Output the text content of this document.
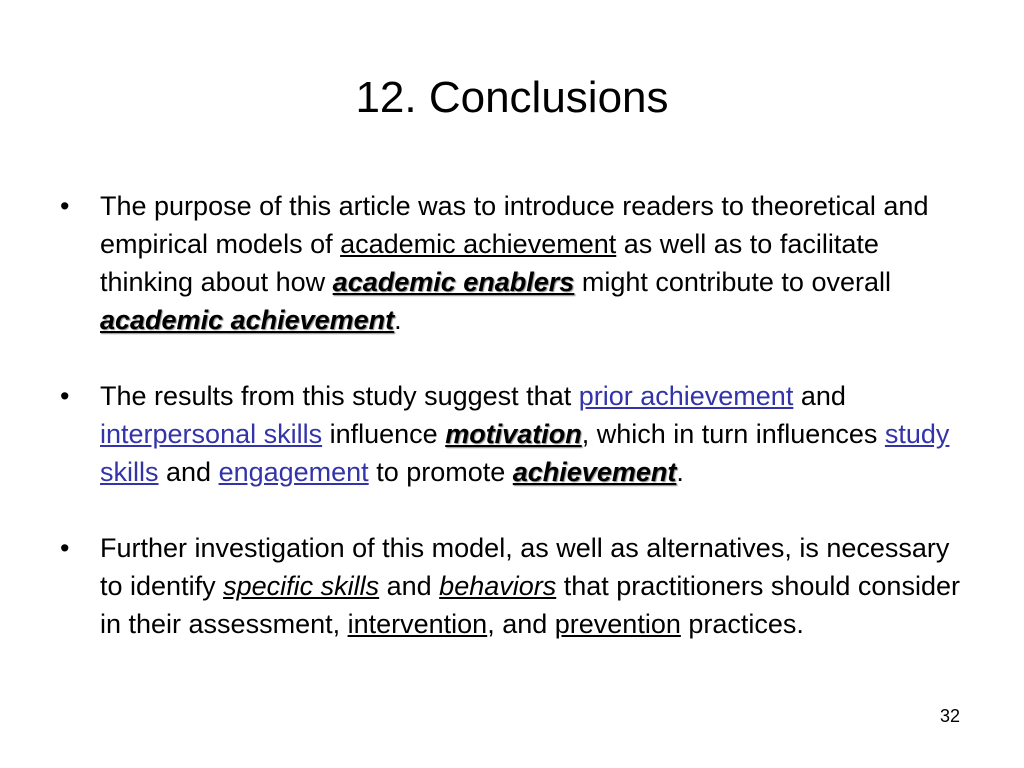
12. Conclusions
• The purpose of this article was to introduce readers to theoretical and empirical models of academic achievement as well as to facilitate thinking about how academic enablers might contribute to overall academic achievement.
• The results from this study suggest that prior achievement and interpersonal skills influence motivation, which in turn influences study skills and engagement to promote achievement.
• Further investigation of this model, as well as alternatives, is necessary to identify specific skills and behaviors that practitioners should consider in their assessment, intervention, and prevention practices.
32
